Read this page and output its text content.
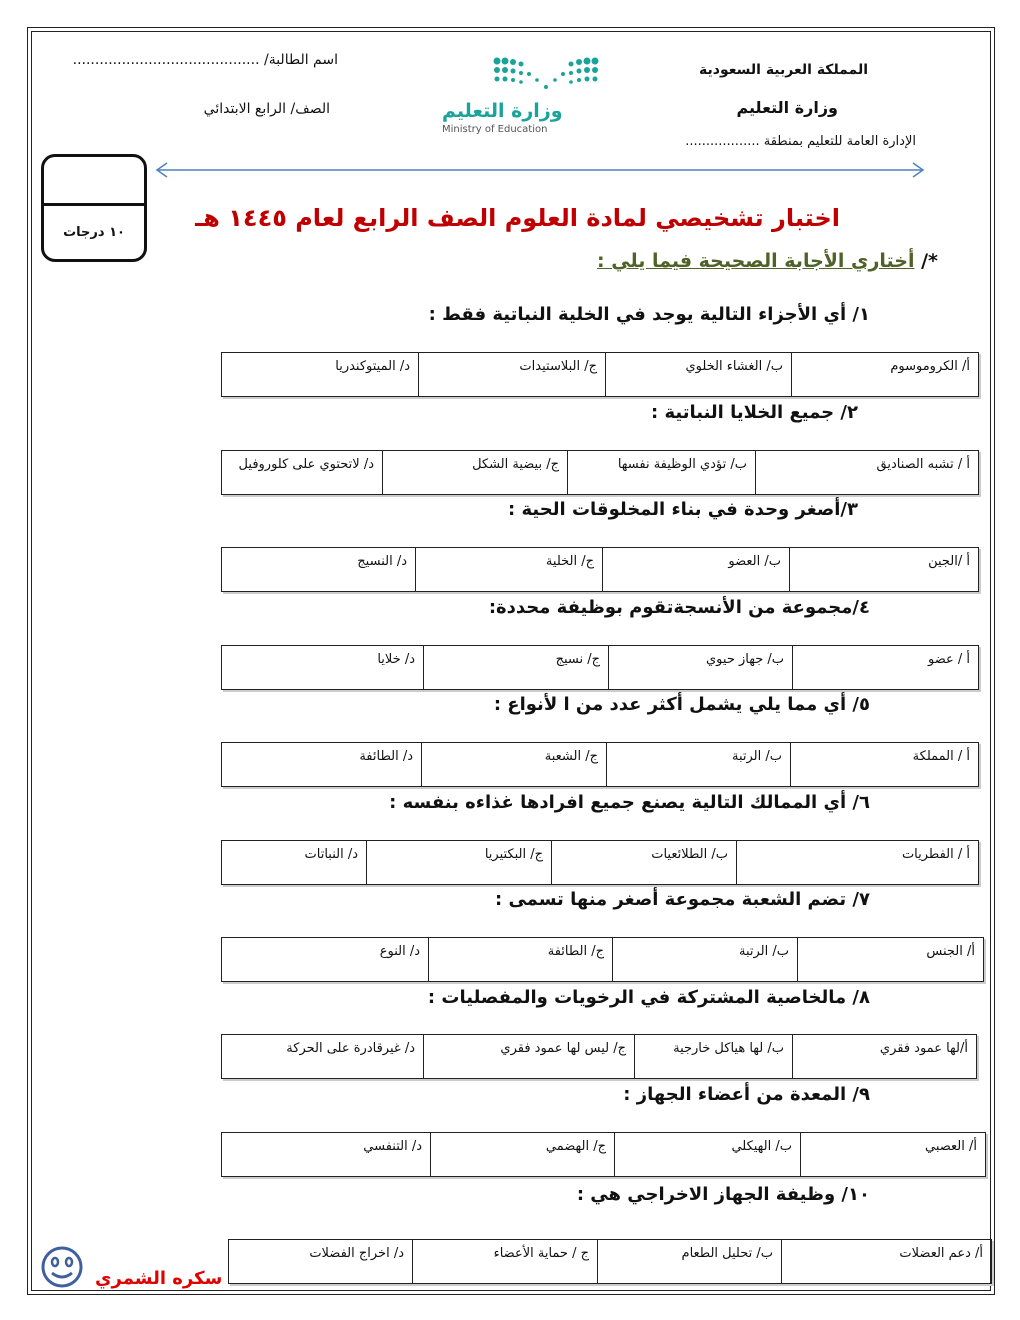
المملكة العربية السعودية
وزارة التعليم
الإدارة العامة للتعليم بمنطقة ..................
اسم الطالبة/ ..........................................
الصف/ الرابع الابتدائي	وزارة التعليم
Ministry of Education
١٠ درجات
اختبار تشخيصي لمادة العلوم الصف الرابع لعام ١٤٤٥ هـ
*/ أختاري الأجابة الصحيحة فيما يلي :
١/ أي الأجزاء التالية يوجد في الخلية النباتية فقط :
أ/ الكروموسوم
ب/ الغشاء الخلوي
ج/ البلاستيدات
د/ الميتوكندريا
٢/ جميع الخلايا النباتية :
أ / تشبه الصناديق
ب/ تؤدي الوظيفة نفسها
ج/ بيضية الشكل
د/ لاتحتوي على كلوروفيل
٣/أصغر وحدة في بناء المخلوقات الحية :
أ /الجين
ب/ العضو
ج/ الخلية
د/ النسيج
٤/مجموعة من الأنسجةتقوم بوظيفة محددة:
أ / عضو
ب/ جهاز حيوي
ج/ نسيج
د/ خلايا
٥/ أي مما يلي يشمل أكثر عدد من ا لأنواع :
أ / المملكة
ب/ الرتبة
ج/ الشعبة
د/ الطائفة
٦/ أي الممالك التالية يصنع جميع افرادها غذاءه بنفسه :
أ / الفطريات
ب/ الطلائعيات
ج/ البكتيريا
د/ النباتات
٧/ تضم الشعبة مجموعة أصغر منها تسمى :
أ/ الجنس
ب/ الرتبة
ج/ الطائفة
د/ النوع
٨/ مالخاصية المشتركة في الرخويات والمفصليات :
أ/لها عمود فقري
ب/ لها هياكل خارجية
ج/ ليس لها عمود فقري
د/ غيرقادرة على الحركة
٩/ المعدة من أعضاء الجهاز :
أ/ العصبي
ب/ الهيكلي
ج/ الهضمي
د/ التنفسي
١٠/ وظيفة الجهاز الاخراجي هي :
أ/ دعم العضلات
ب/ تحليل الطعام
ج / حماية الأعضاء
د/ اخراج الفضلات
سكره الشمري
